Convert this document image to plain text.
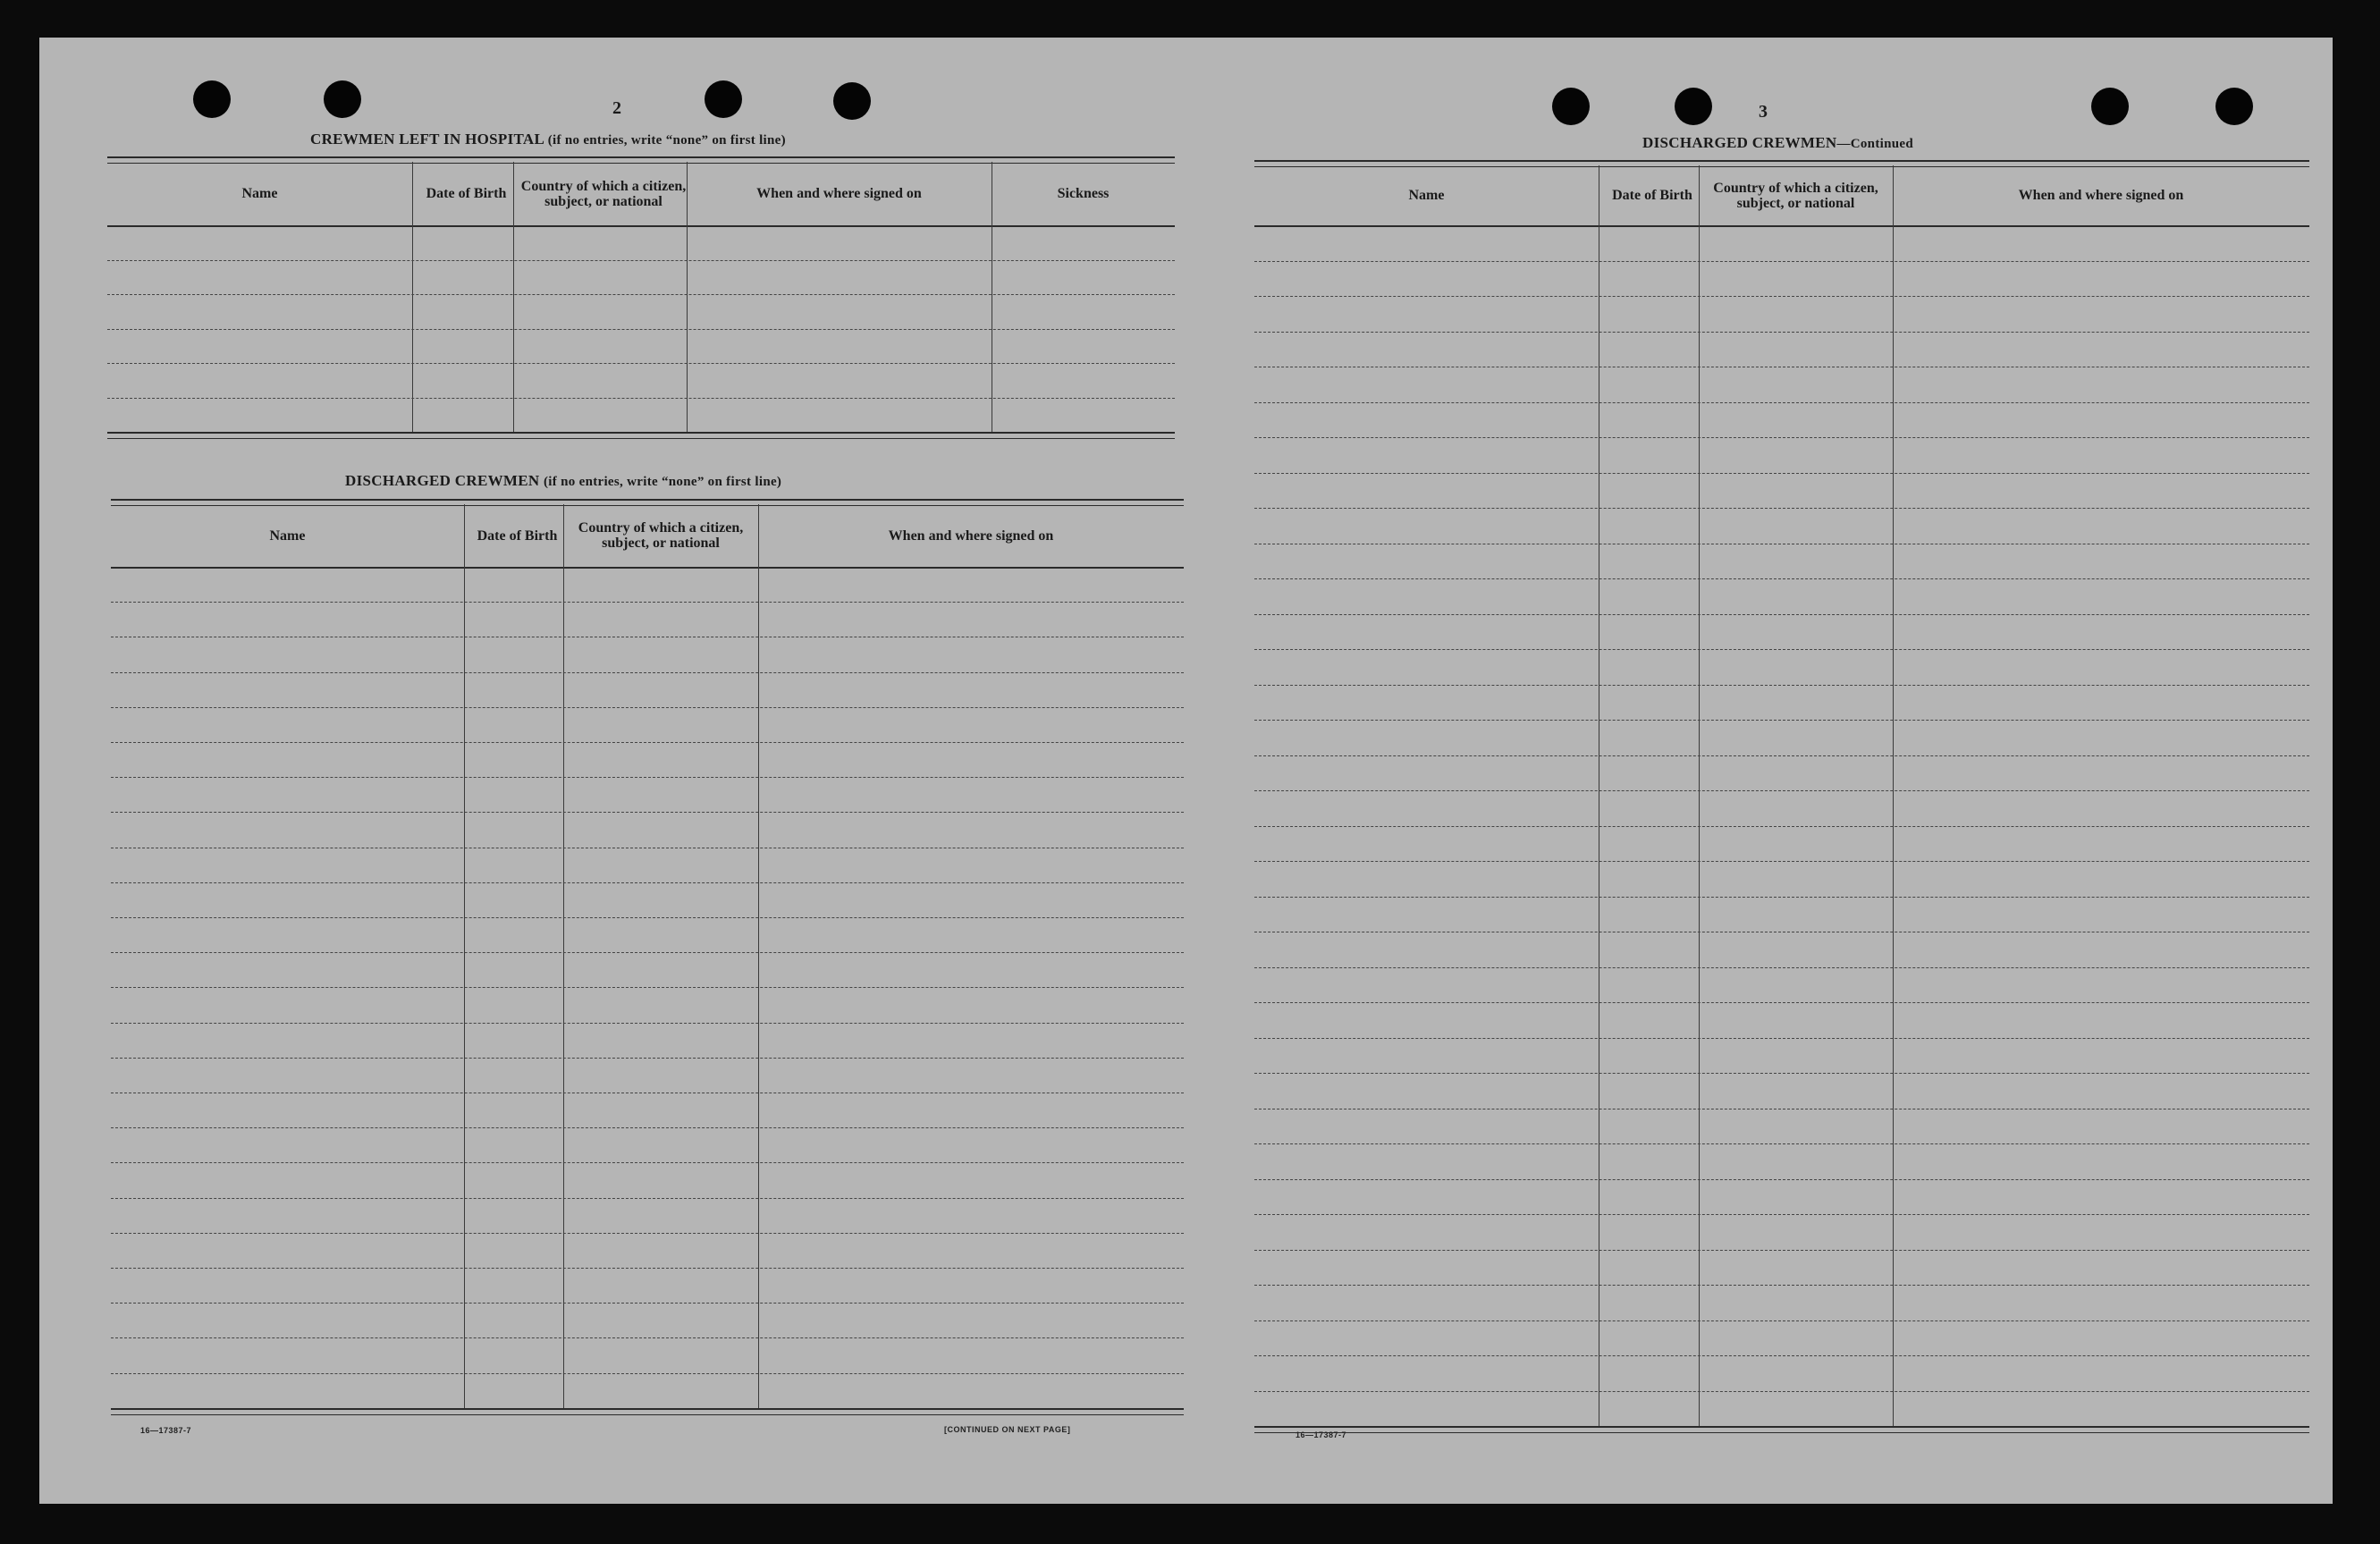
2
CREWMEN LEFT IN HOSPITAL (if no entries, write “none” on first line)
Name	Date of Birth	Country of which a citizen, subject, or national	When and where signed on	Sickness
DISCHARGED CREWMEN (if no entries, write “none” on first line)
Name	Date of Birth	Country of which a citizen, subject, or national	When and where signed on
16—17387-7	[CONTINUED ON NEXT PAGE]
3
DISCHARGED CREWMEN—Continued
Name	Date of Birth	Country of which a citizen, subject, or national	When and where signed on
16—17387-7
